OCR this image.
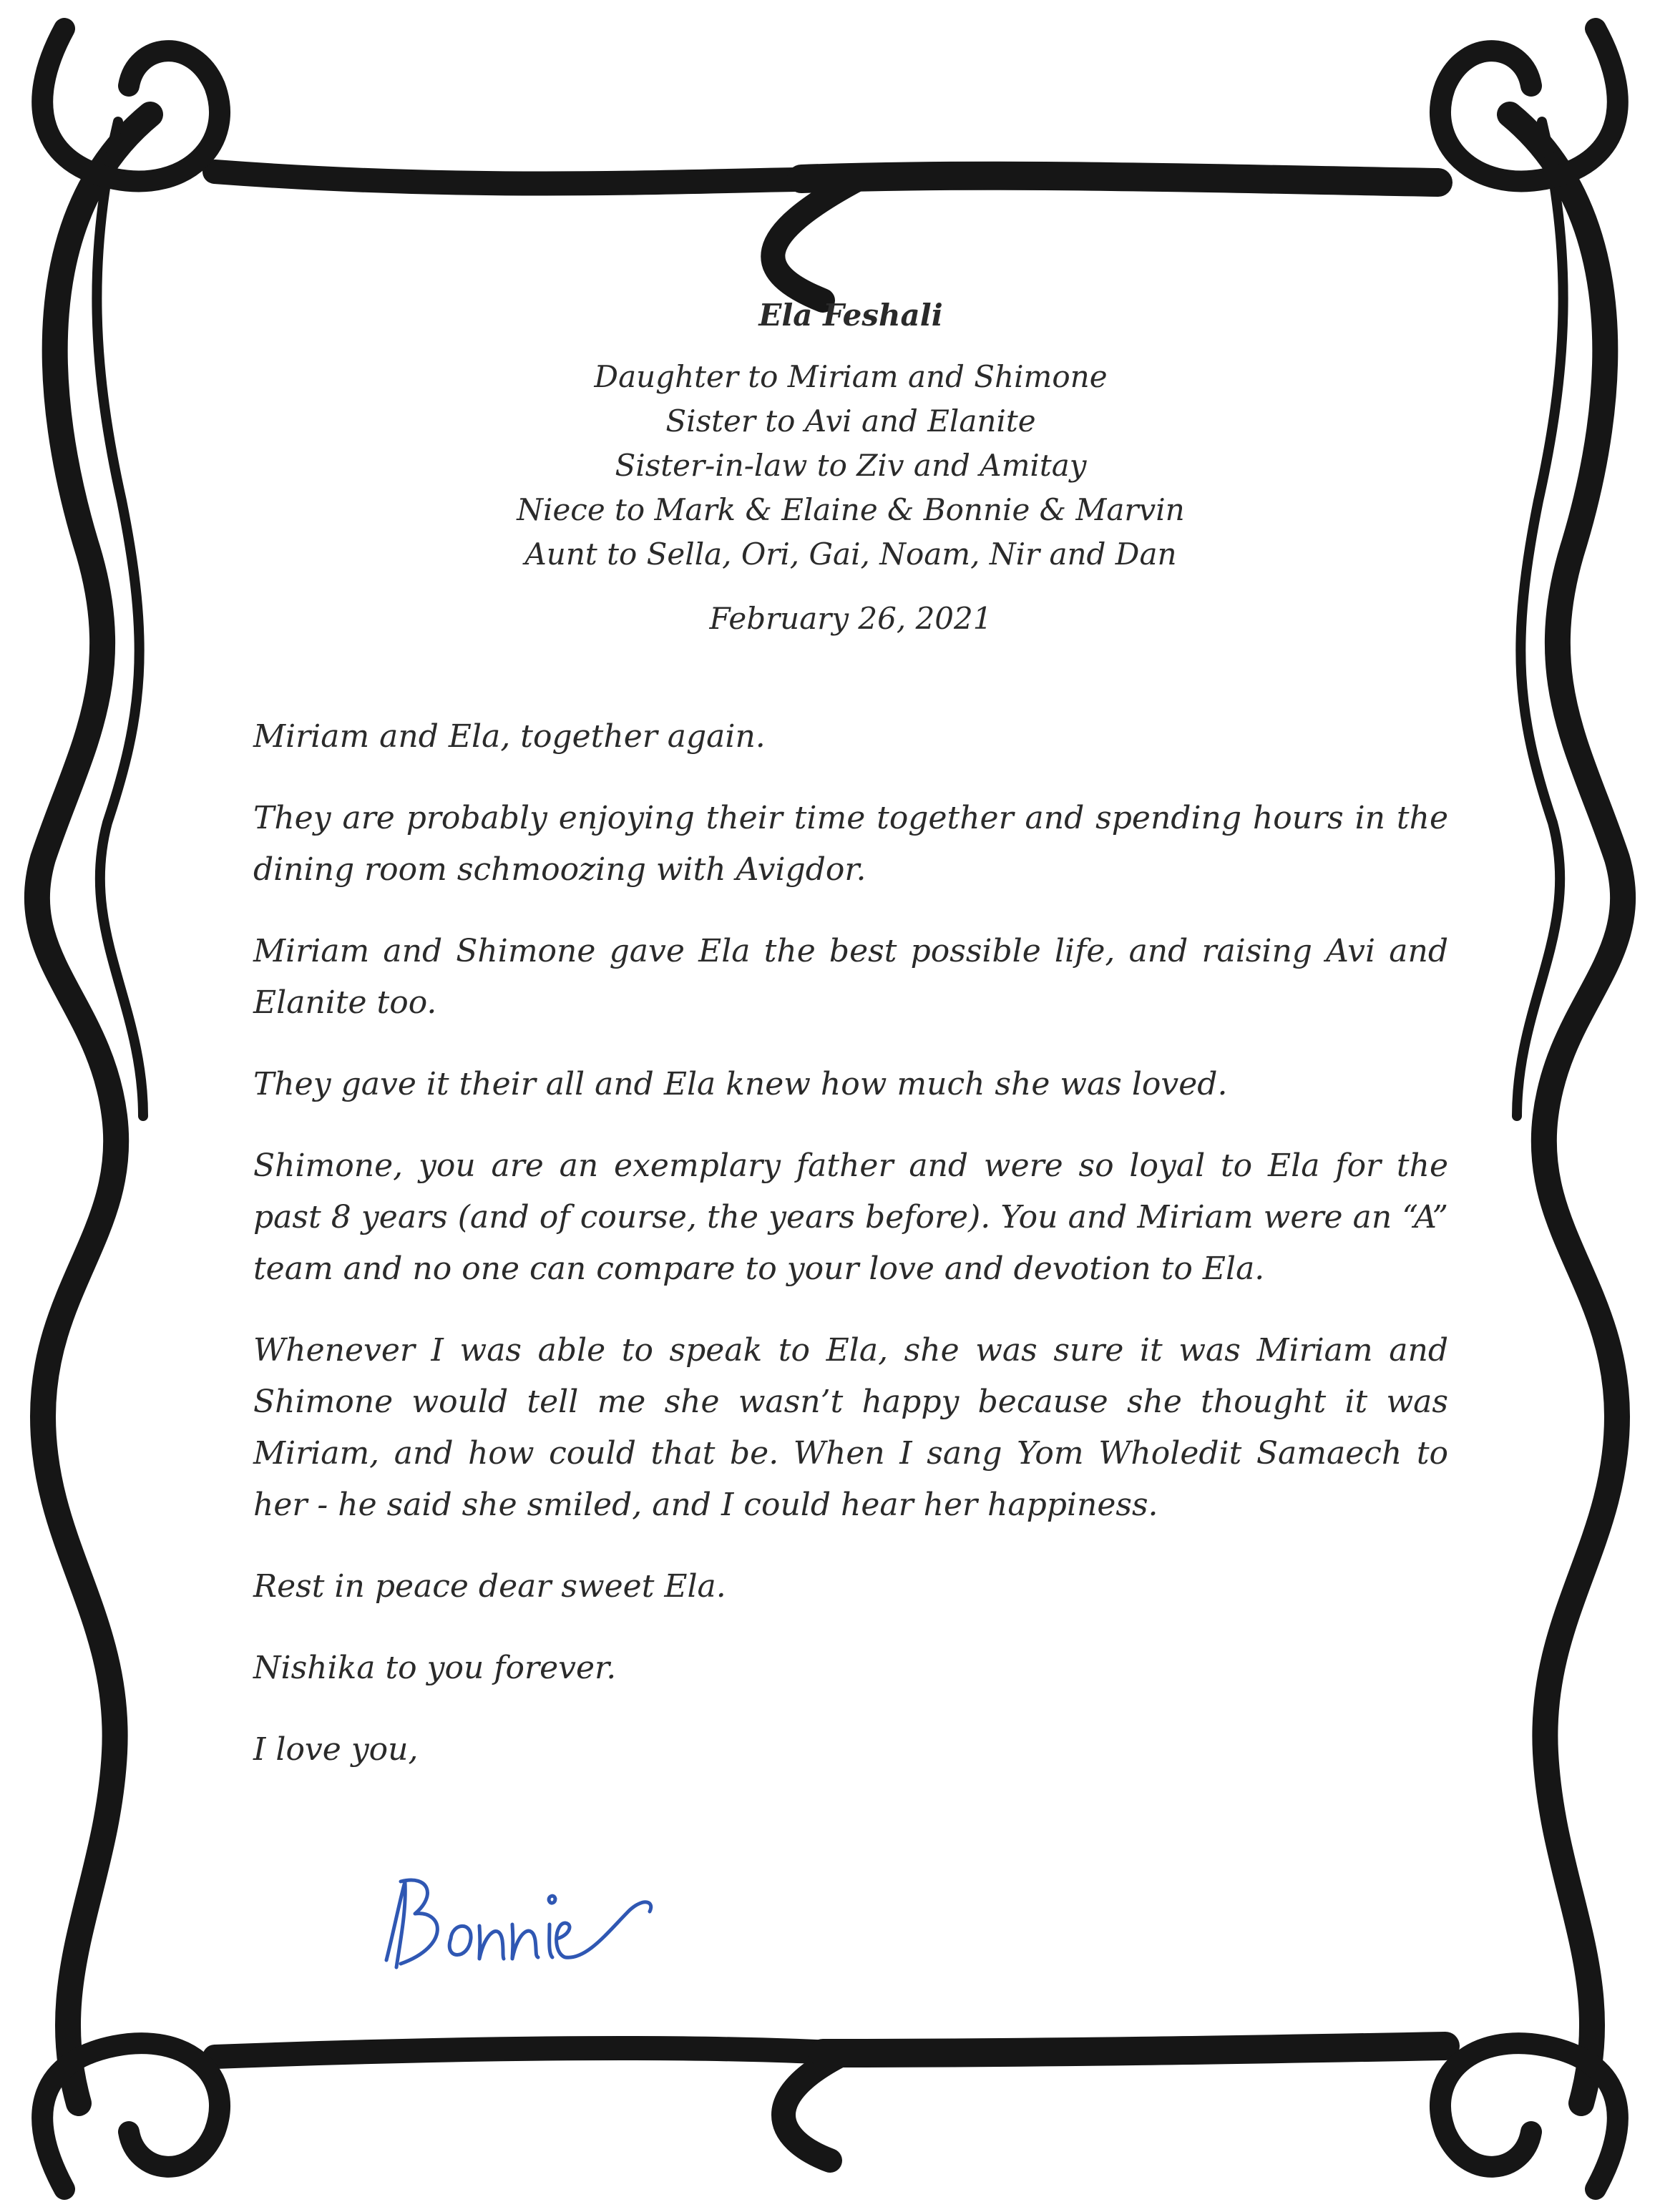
Ela Feshali
Daughter to Miriam and Shimone
Sister to Avi and Elanite
Sister-in-law to Ziv and Amitay
Niece to Mark & Elaine & Bonnie & Marvin
Aunt to Sella, Ori, Gai, Noam, Nir and Dan
February 26, 2021

Miriam and Ela, together again.

They are probably enjoying their time together and spending hours in the dining room schmoozing with Avigdor.

Miriam and Shimone gave Ela the best possible life, and raising Avi and Elanite too.

They gave it their all and Ela knew how much she was loved.

Shimone, you are an exemplary father and were so loyal to Ela for the past 8 years (and of course, the years before). You and Miriam were an “A” team and no one can compare to your love and devotion to Ela.

Whenever I was able to speak to Ela, she was sure it was Miriam and Shimone would tell me she wasn’t happy because she thought it was Miriam, and how could that be. When I sang Yom Wholedit Samaech to her - he said she smiled, and I could hear her happiness.

Rest in peace dear sweet Ela.

Nishika to you forever.

I love you,
